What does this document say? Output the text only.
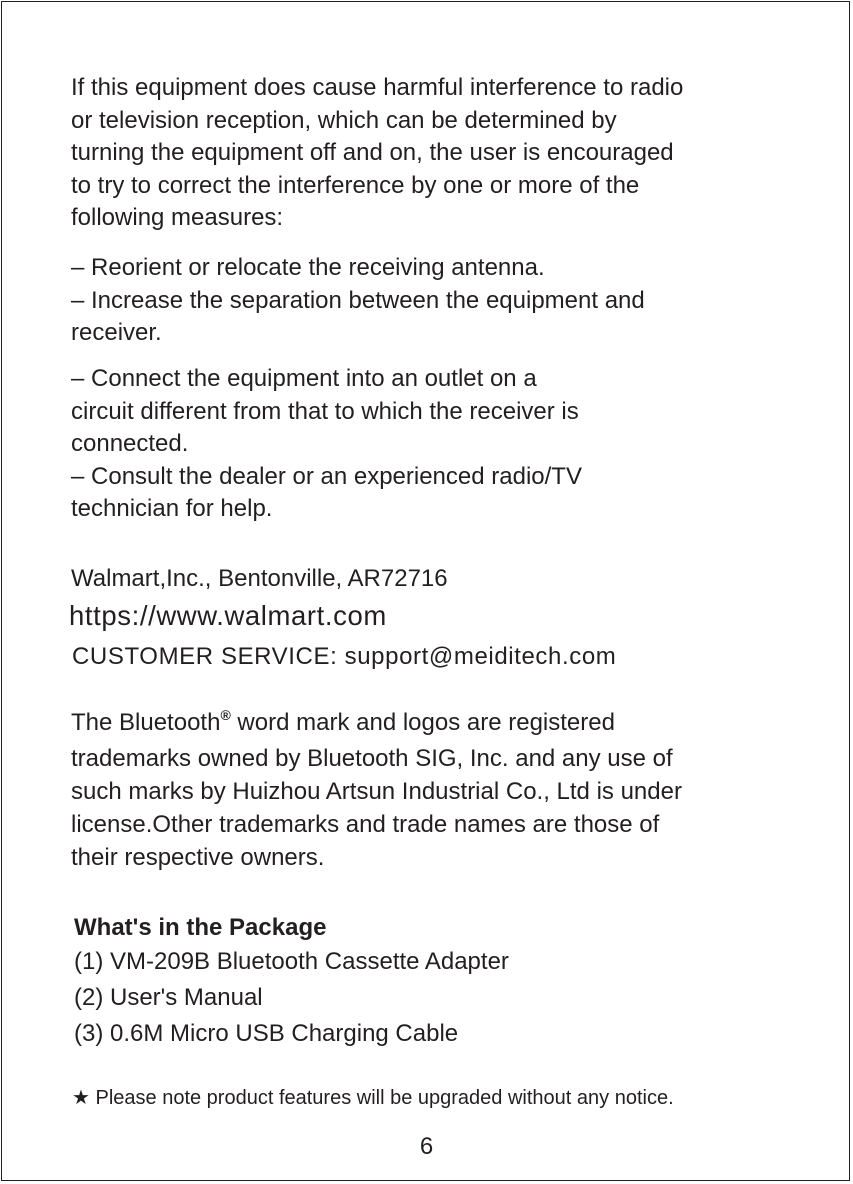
If this equipment does cause harmful interference to radio
or television reception, which can be determined by
turning the equipment off and on, the user is encouraged
to try to correct the interference by one or more of the
following measures:

– Reorient or relocate the receiving antenna.
– Increase the separation between the equipment and
receiver.

– Connect the equipment into an outlet on a
circuit different from that to which the receiver is
connected.
– Consult the dealer or an experienced radio/TV
technician for help.

Walmart,Inc., Bentonville, AR72716
https://www.walmart.com
CUSTOMER SERVICE: support@meiditech.com

The Bluetooth® word mark and logos are registered
trademarks owned by Bluetooth SIG, Inc. and any use of
such marks by Huizhou Artsun Industrial Co., Ltd is under
license.Other trademarks and trade names are those of
their respective owners.

What's in the Package
(1) VM-209B Bluetooth Cassette Adapter
(2) User's Manual
(3) 0.6M Micro USB Charging Cable
★ Please note product features will be upgraded without any notice.
6
